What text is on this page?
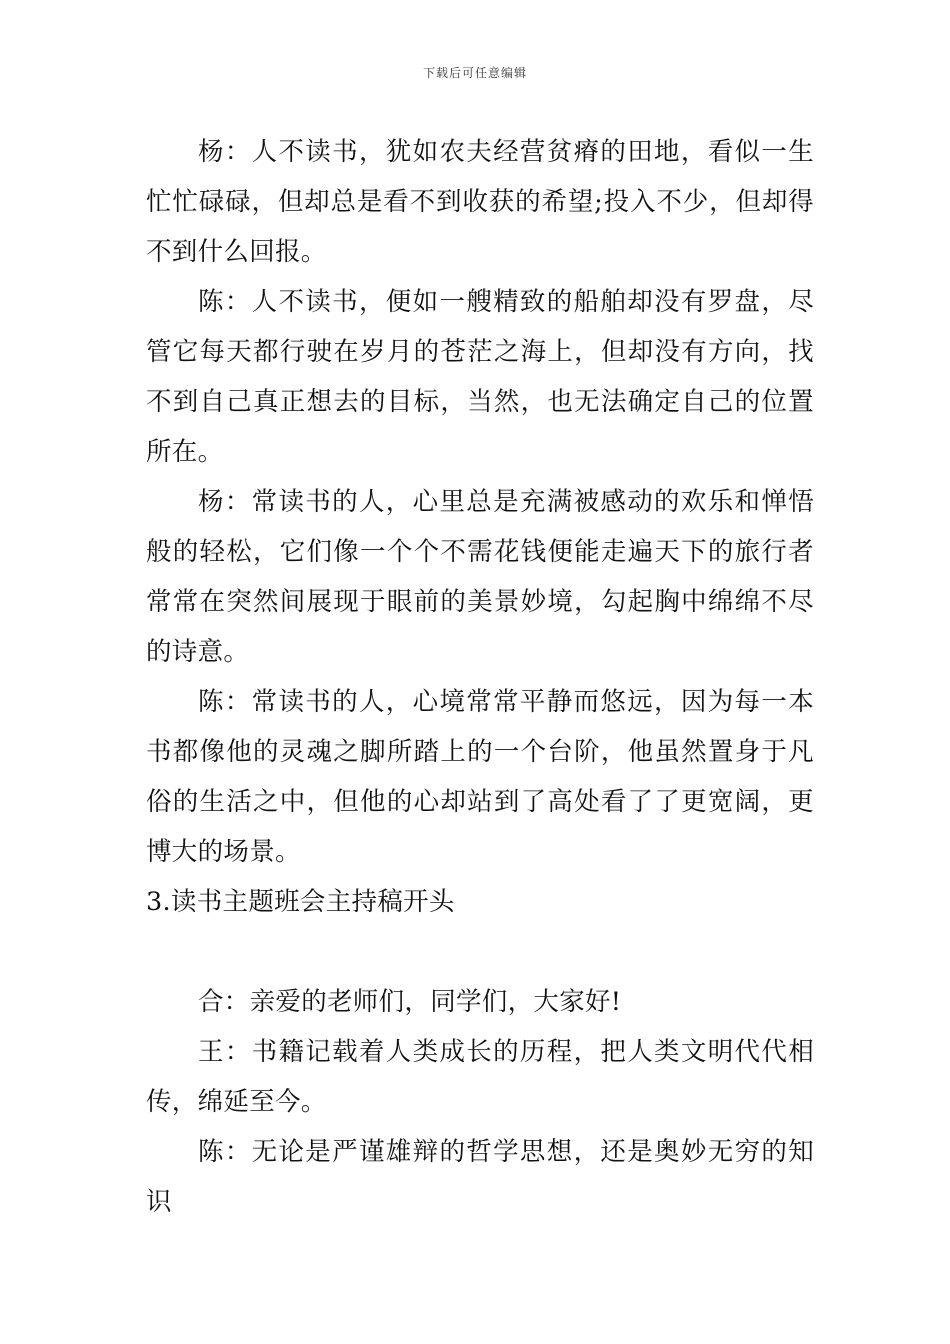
下载后可任意编辑

杨：人不读书，犹如农夫经营贫瘠的田地，看似一生忙忙碌碌，但却总是看不到收获的希望;投入不少，但却得不到什么回报。

陈：人不读书，便如一艘精致的船舶却没有罗盘，尽管它每天都行驶在岁月的苍茫之海上，但却没有方向，找不到自己真正想去的目标，当然，也无法确定自己的位置所在。

杨：常读书的人，心里总是充满被感动的欢乐和惮悟般的轻松，它们像一个个不需花钱便能走遍天下的旅行者常常在突然间展现于眼前的美景妙境，勾起胸中绵绵不尽的诗意。

陈：常读书的人，心境常常平静而悠远，因为每一本书都像他的灵魂之脚所踏上的一个台阶，他虽然置身于凡俗的生活之中，但他的心却站到了高处看了了更宽阔，更博大的场景。

3.读书主题班会主持稿开头

合：亲爱的老师们，同学们，大家好!

王：书籍记载着人类成长的历程，把人类文明代代相传，绵延至今。

陈：无论是严谨雄辩的哲学思想，还是奥妙无穷的知识
